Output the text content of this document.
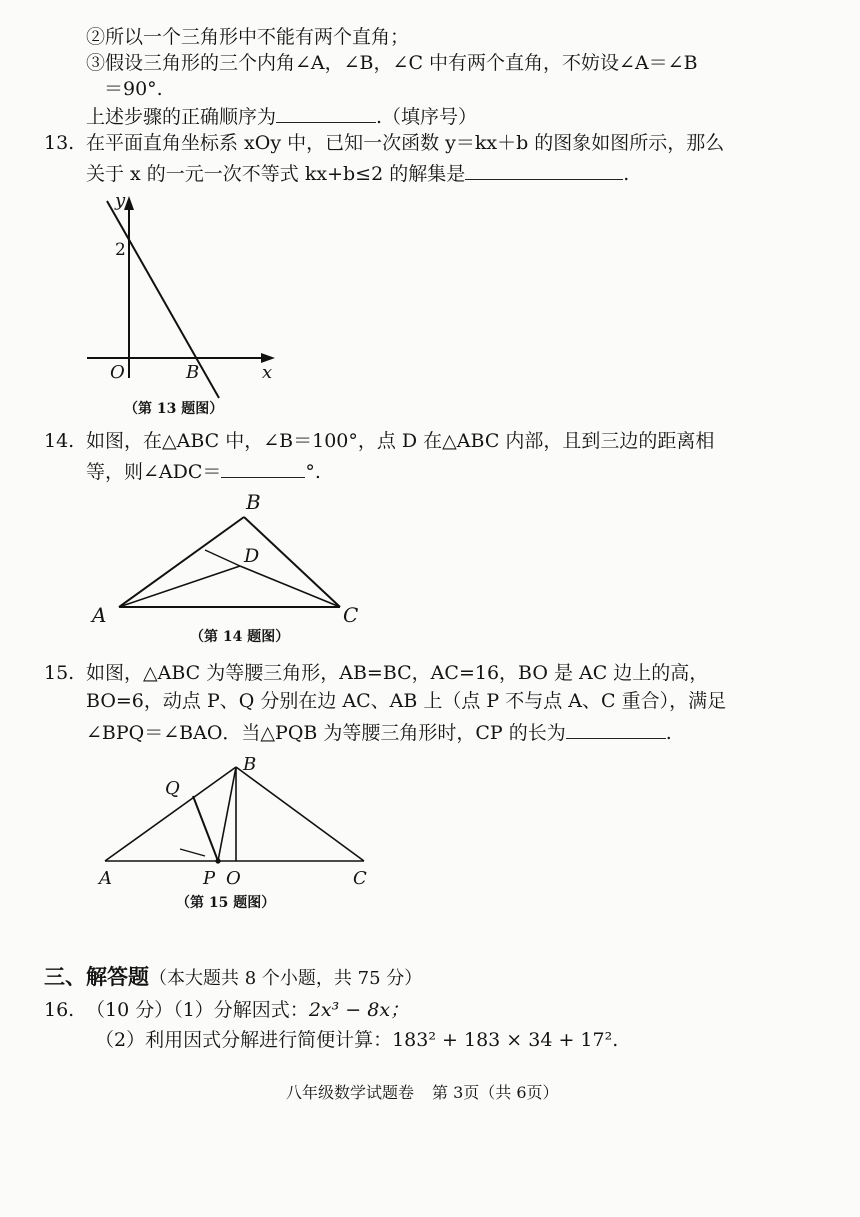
②所以一个三角形中不能有两个直角；
③假设三角形的三个内角∠A，∠B，∠C 中有两个直角，不妨设∠A＝∠B
＝90°.
上述步骤的正确顺序为	.（填序号）
13. 在平面直角坐标系 xOy 中，已知一次函数 y＝kx＋b 的图象如图所示，那么
关于 x 的一元一次不等式 kx+b≤2 的解集是	.
y
x
O	B
2
（第 13 题图）
14. 如图，在△ABC 中，∠B＝100°，点 D 在△ABC 内部，且到三边的距离相
等，则∠ADC＝	°.
B
A	C
D
（第 14 题图）
15. 如图，△ABC 为等腰三角形，AB=BC，AC=16，BO 是 AC 边上的高，
BO=6，动点 P、Q 分别在边 AC、AB 上（点 P 不与点 A、C 重合），满足
∠BPQ＝∠BAO．当△PQB 为等腰三角形时，CP 的长为	.
B
Q
A	P O	C
（第 15 题图）
三、解答题（本大题共 8 个小题，共 75 分）
16. （10 分）（1）分解因式：2x³ − 8x；
（2）利用因式分解进行简便计算：183² + 183 × 34 + 17².
八年级数学试题卷 第 3页（共 6页）
